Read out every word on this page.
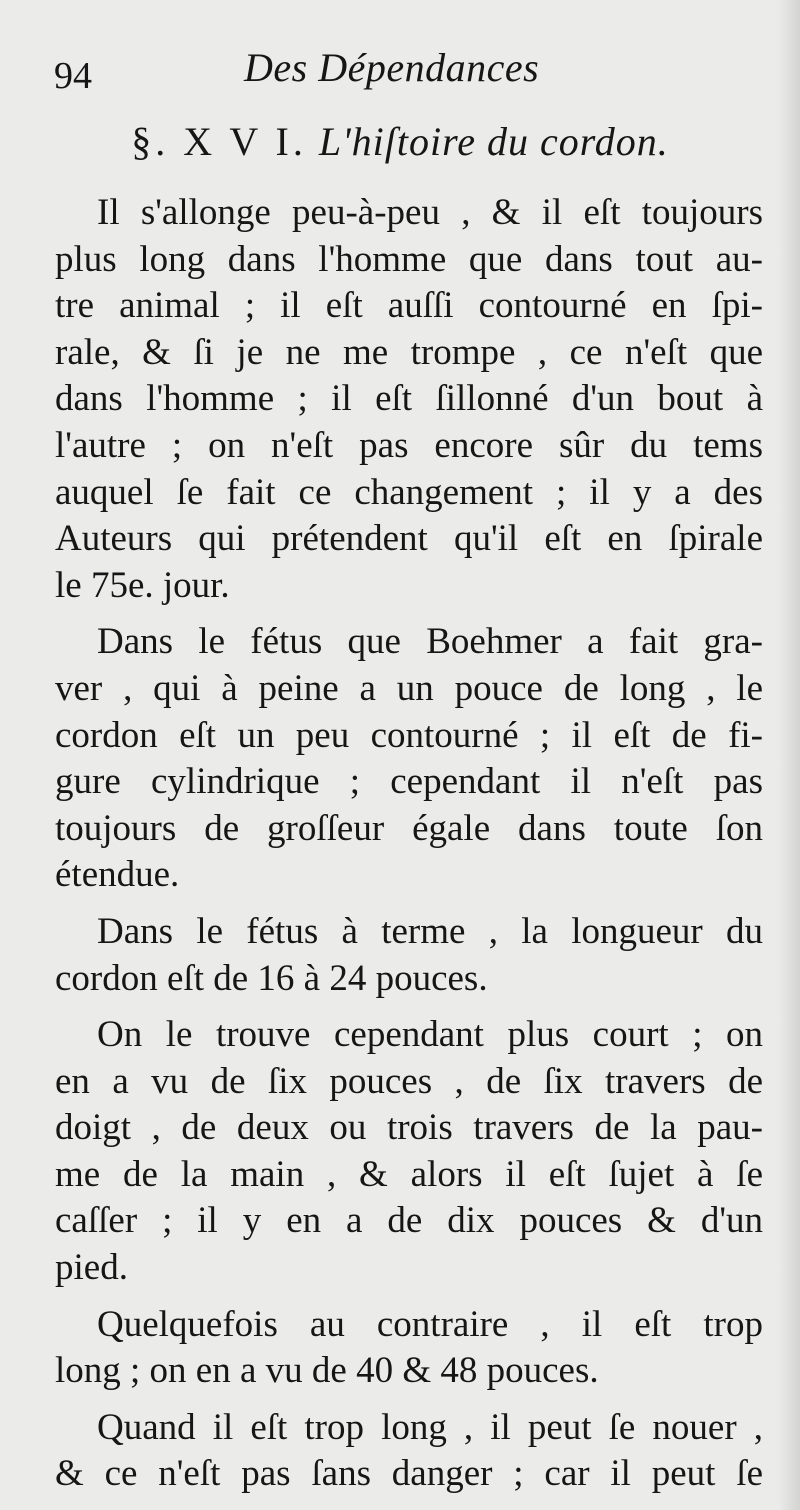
94	Des Dépendances
§. X V I. L'hiſtoire du cordon.
Il s'allonge peu-à-peu , & il eſt toujours
plus long dans l'homme que dans tout au-
tre animal ; il eſt auſſi contourné en ſpi-
rale, & ſi je ne me trompe , ce n'eſt que
dans l'homme ; il eſt ſillonné d'un bout à
l'autre ; on n'eſt pas encore sûr du tems
auquel ſe fait ce changement ; il y a des
Auteurs qui prétendent qu'il eſt en ſpirale
le 75e. jour.
Dans le fétus que Boehmer a fait gra-
ver , qui à peine a un pouce de long , le
cordon eſt un peu contourné ; il eſt de fi-
gure cylindrique ; cependant il n'eſt pas
toujours de groſſeur égale dans toute ſon
étendue.
Dans le fétus à terme , la longueur du
cordon eſt de 16 à 24 pouces.
On le trouve cependant plus court ; on
en a vu de ſix pouces , de ſix travers de
doigt , de deux ou trois travers de la pau-
me de la main , & alors il eſt ſujet à ſe
caſſer ; il y en a de dix pouces & d'un
pied.
Quelquefois au contraire , il eſt trop
long ; on en a vu de 40 & 48 pouces.
Quand il eſt trop long , il peut ſe nouer ,
& ce n'eſt pas ſans danger ; car il peut ſe
